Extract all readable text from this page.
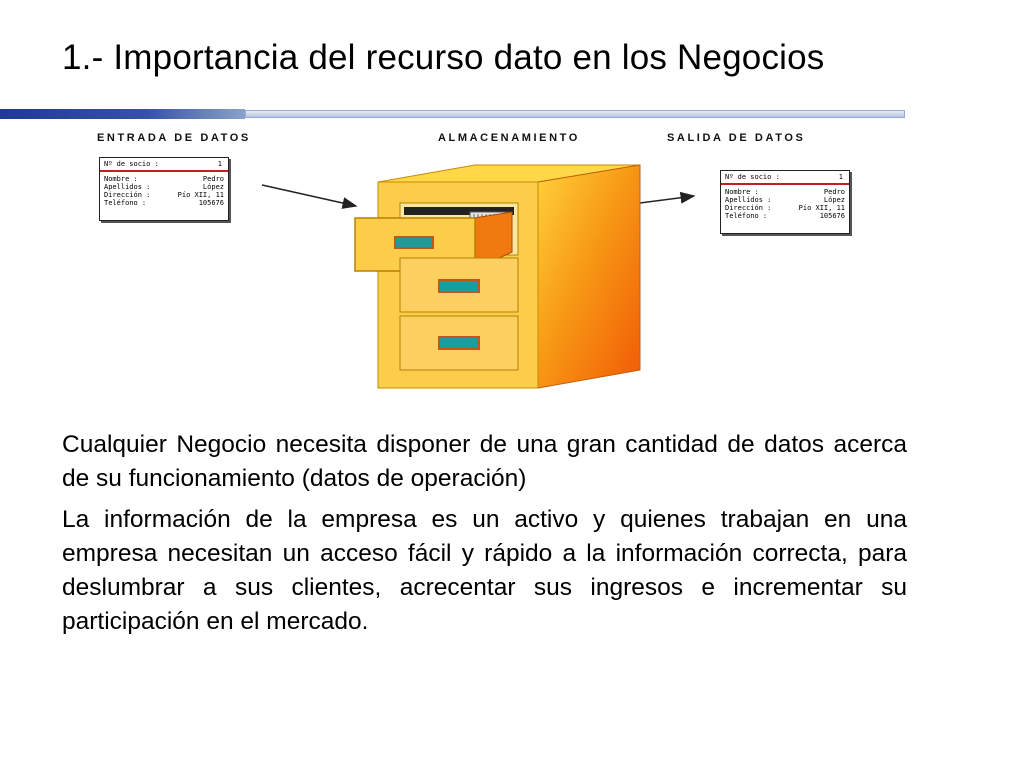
1.- Importancia del recurso dato en los Negocios
ENTRADA DE DATOS	ALMACENAMIENTO	SALIDA DE DATOS
Nº de socio :	1
Nombre :	Pedro
Apellidos :	López
Dirección :	Pío XII, 11
Teléfono :	105676
Nº de socio :	1
Nombre :	Pedro
Apellidos :	López
Dirección :	Pío XII, 11
Teléfono :	105676

Cualquier Negocio necesita disponer de una gran cantidad de datos acerca de su funcionamiento (datos de operación)

La información de la empresa es un activo y quienes trabajan en una empresa necesitan un acceso fácil y rápido a la información correcta, para deslumbrar a sus clientes, acrecentar sus ingresos e incrementar su participación en el mercado.
